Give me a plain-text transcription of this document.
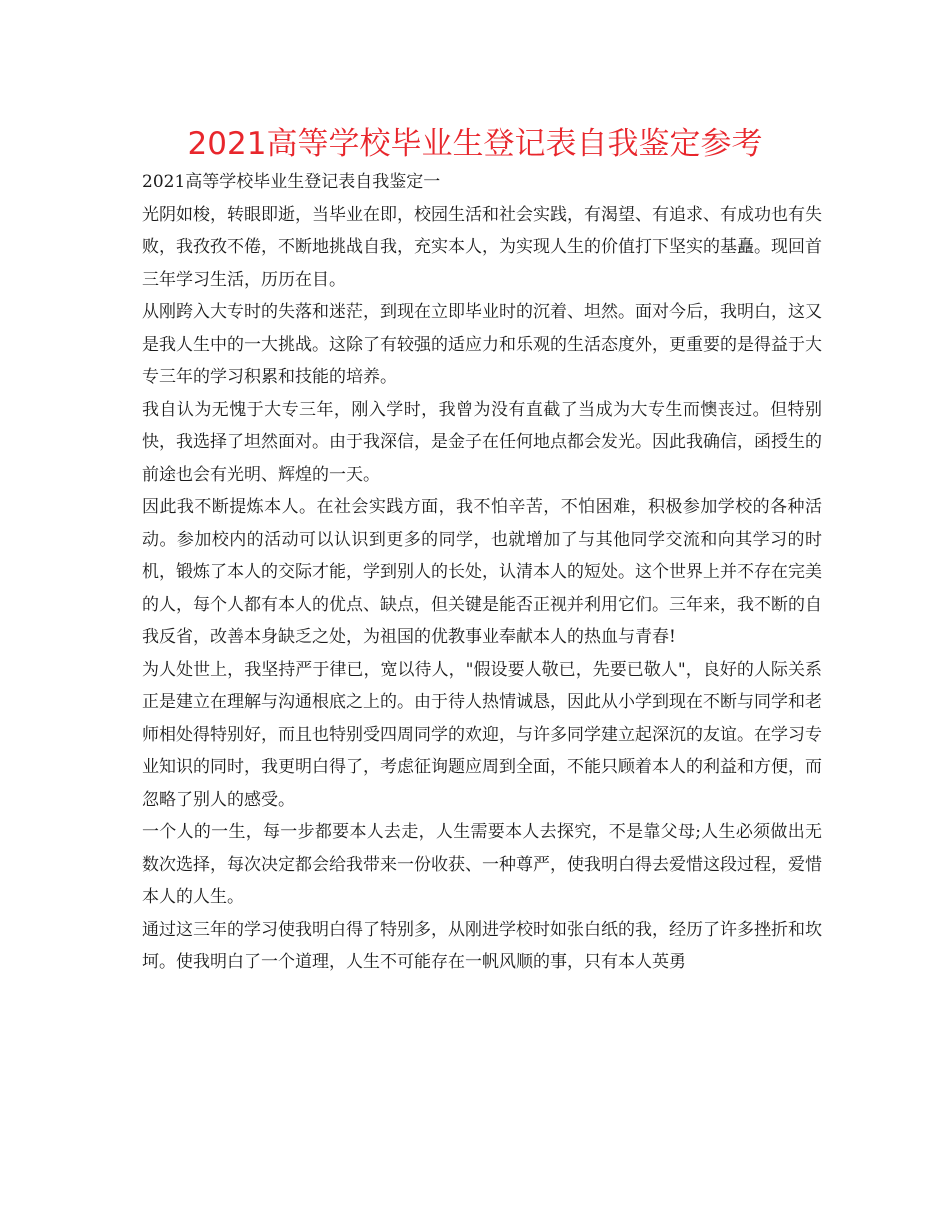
2021高等学校毕业生登记表自我鉴定参考

2021高等学校毕业生登记表自我鉴定一

光阴如梭，转眼即逝，当毕业在即，校园生活和社会实践，有渴望、有追求、有成功也有失败，我孜孜不倦，不断地挑战自我，充实本人，为实现人生的价值打下坚实的基矗。现回首三年学习生活，历历在目。

从刚跨入大专时的失落和迷茫，到现在立即毕业时的沉着、坦然。面对今后，我明白，这又是我人生中的一大挑战。这除了有较强的适应力和乐观的生活态度外，更重要的是得益于大专三年的学习积累和技能的培养。

我自认为无愧于大专三年，刚入学时，我曾为没有直截了当成为大专生而懊丧过。但特别快，我选择了坦然面对。由于我深信，是金子在任何地点都会发光。因此我确信，函授生的前途也会有光明、辉煌的一天。

因此我不断提炼本人。在社会实践方面，我不怕辛苦，不怕困难，积极参加学校的各种活动。参加校内的活动可以认识到更多的同学，也就增加了与其他同学交流和向其学习的时机，锻炼了本人的交际才能，学到别人的长处，认清本人的短处。这个世界上并不存在完美的人，每个人都有本人的优点、缺点，但关键是能否正视并利用它们。三年来，我不断的自我反省，改善本身缺乏之处，为祖国的优教事业奉献本人的热血与青春!

为人处世上，我坚持严于律已，宽以待人，"假设要人敬已，先要已敬人"，良好的人际关系正是建立在理解与沟通根底之上的。由于待人热情诚恳，因此从小学到现在不断与同学和老师相处得特别好，而且也特别受四周同学的欢迎，与许多同学建立起深沉的友谊。在学习专业知识的同时，我更明白得了，考虑征询题应周到全面，不能只顾着本人的利益和方便，而忽略了别人的感受。

一个人的一生，每一步都要本人去走，人生需要本人去探究，不是靠父母;人生必须做出无数次选择，每次决定都会给我带来一份收获、一种尊严，使我明白得去爱惜这段过程，爱惜本人的人生。

通过这三年的学习使我明白得了特别多，从刚进学校时如张白纸的我，经历了许多挫折和坎坷。使我明白了一个道理，人生不可能存在一帆风顺的事，只有本人英勇
